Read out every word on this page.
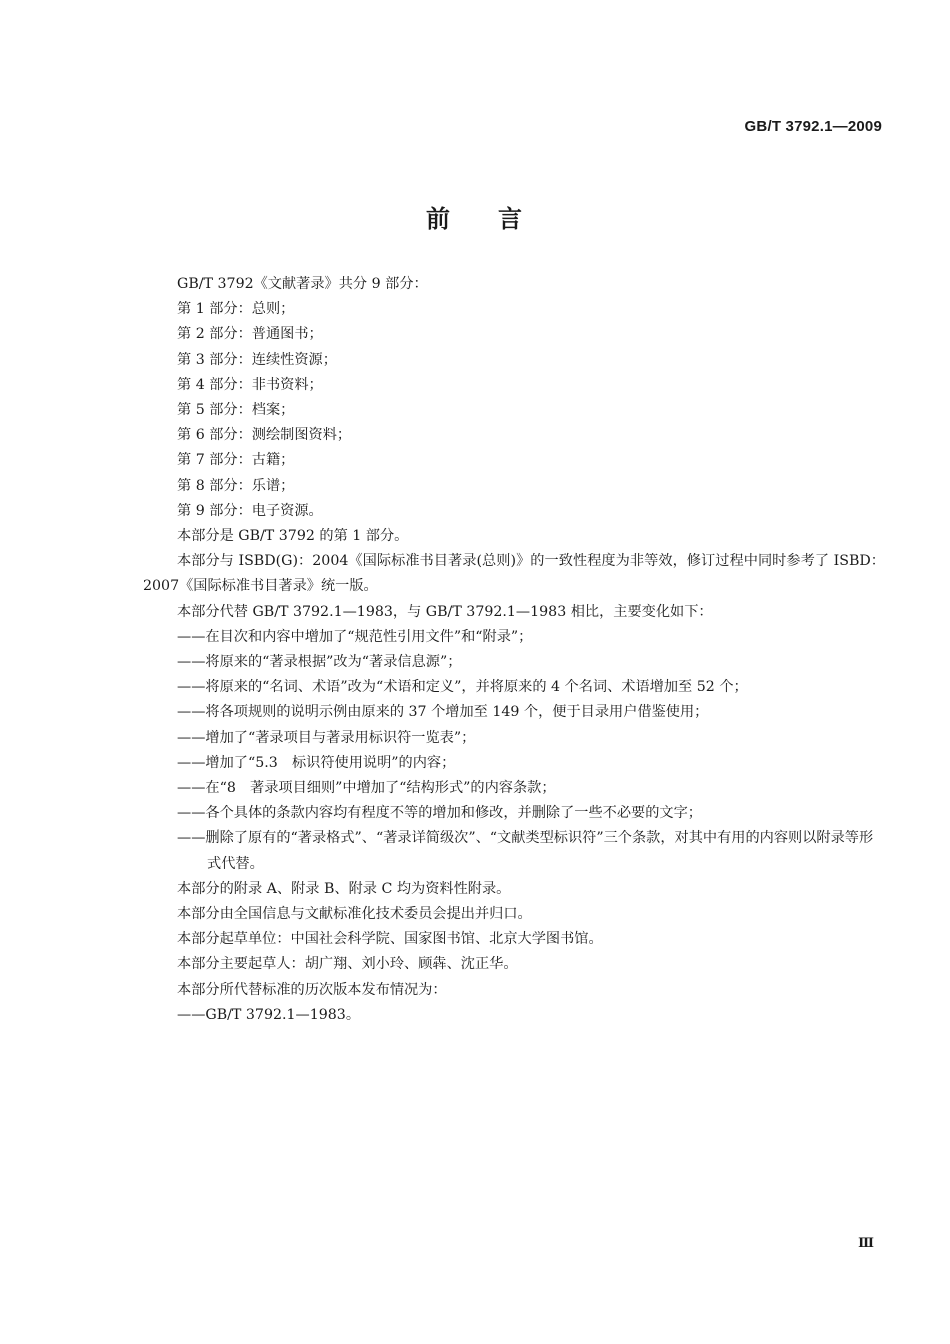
GB/T 3792.1—2009
前 言

GB/T 3792《文献著录》共分 9 部分：

第 1 部分：总则；

第 2 部分：普通图书；

第 3 部分：连续性资源；

第 4 部分：非书资料；

第 5 部分：档案；

第 6 部分：测绘制图资料；

第 7 部分：古籍；

第 8 部分：乐谱；

第 9 部分：电子资源。

本部分是 GB/T 3792 的第 1 部分。

本部分与 ISBD(G)：2004《国际标准书目著录(总则)》的一致性程度为非等效，修订过程中同时参考了 ISBD：2007《国际标准书目著录》统一版。

本部分代替 GB/T 3792.1—1983，与 GB/T 3792.1—1983 相比，主要变化如下：

——在目次和内容中增加了“规范性引用文件”和“附录”；

——将原来的“著录根据”改为“著录信息源”；

——将原来的“名词、术语”改为“术语和定义”，并将原来的 4 个名词、术语增加至 52 个；

——将各项规则的说明示例由原来的 37 个增加至 149 个，便于目录用户借鉴使用；

——增加了“著录项目与著录用标识符一览表”；

——增加了“5.3　标识符使用说明”的内容；

——在“8　著录项目细则”中增加了“结构形式”的内容条款；

——各个具体的条款内容均有程度不等的增加和修改，并删除了一些不必要的文字；

——删除了原有的“著录格式”、“著录详简级次”、“文献类型标识符”三个条款，对其中有用的内容则以附录等形式代替。

本部分的附录 A、附录 B、附录 C 均为资料性附录。

本部分由全国信息与文献标准化技术委员会提出并归口。

本部分起草单位：中国社会科学院、国家图书馆、北京大学图书馆。

本部分主要起草人：胡广翔、刘小玲、顾犇、沈正华。

本部分所代替标准的历次版本发布情况为：

——GB/T 3792.1—1983。

Ⅲ
